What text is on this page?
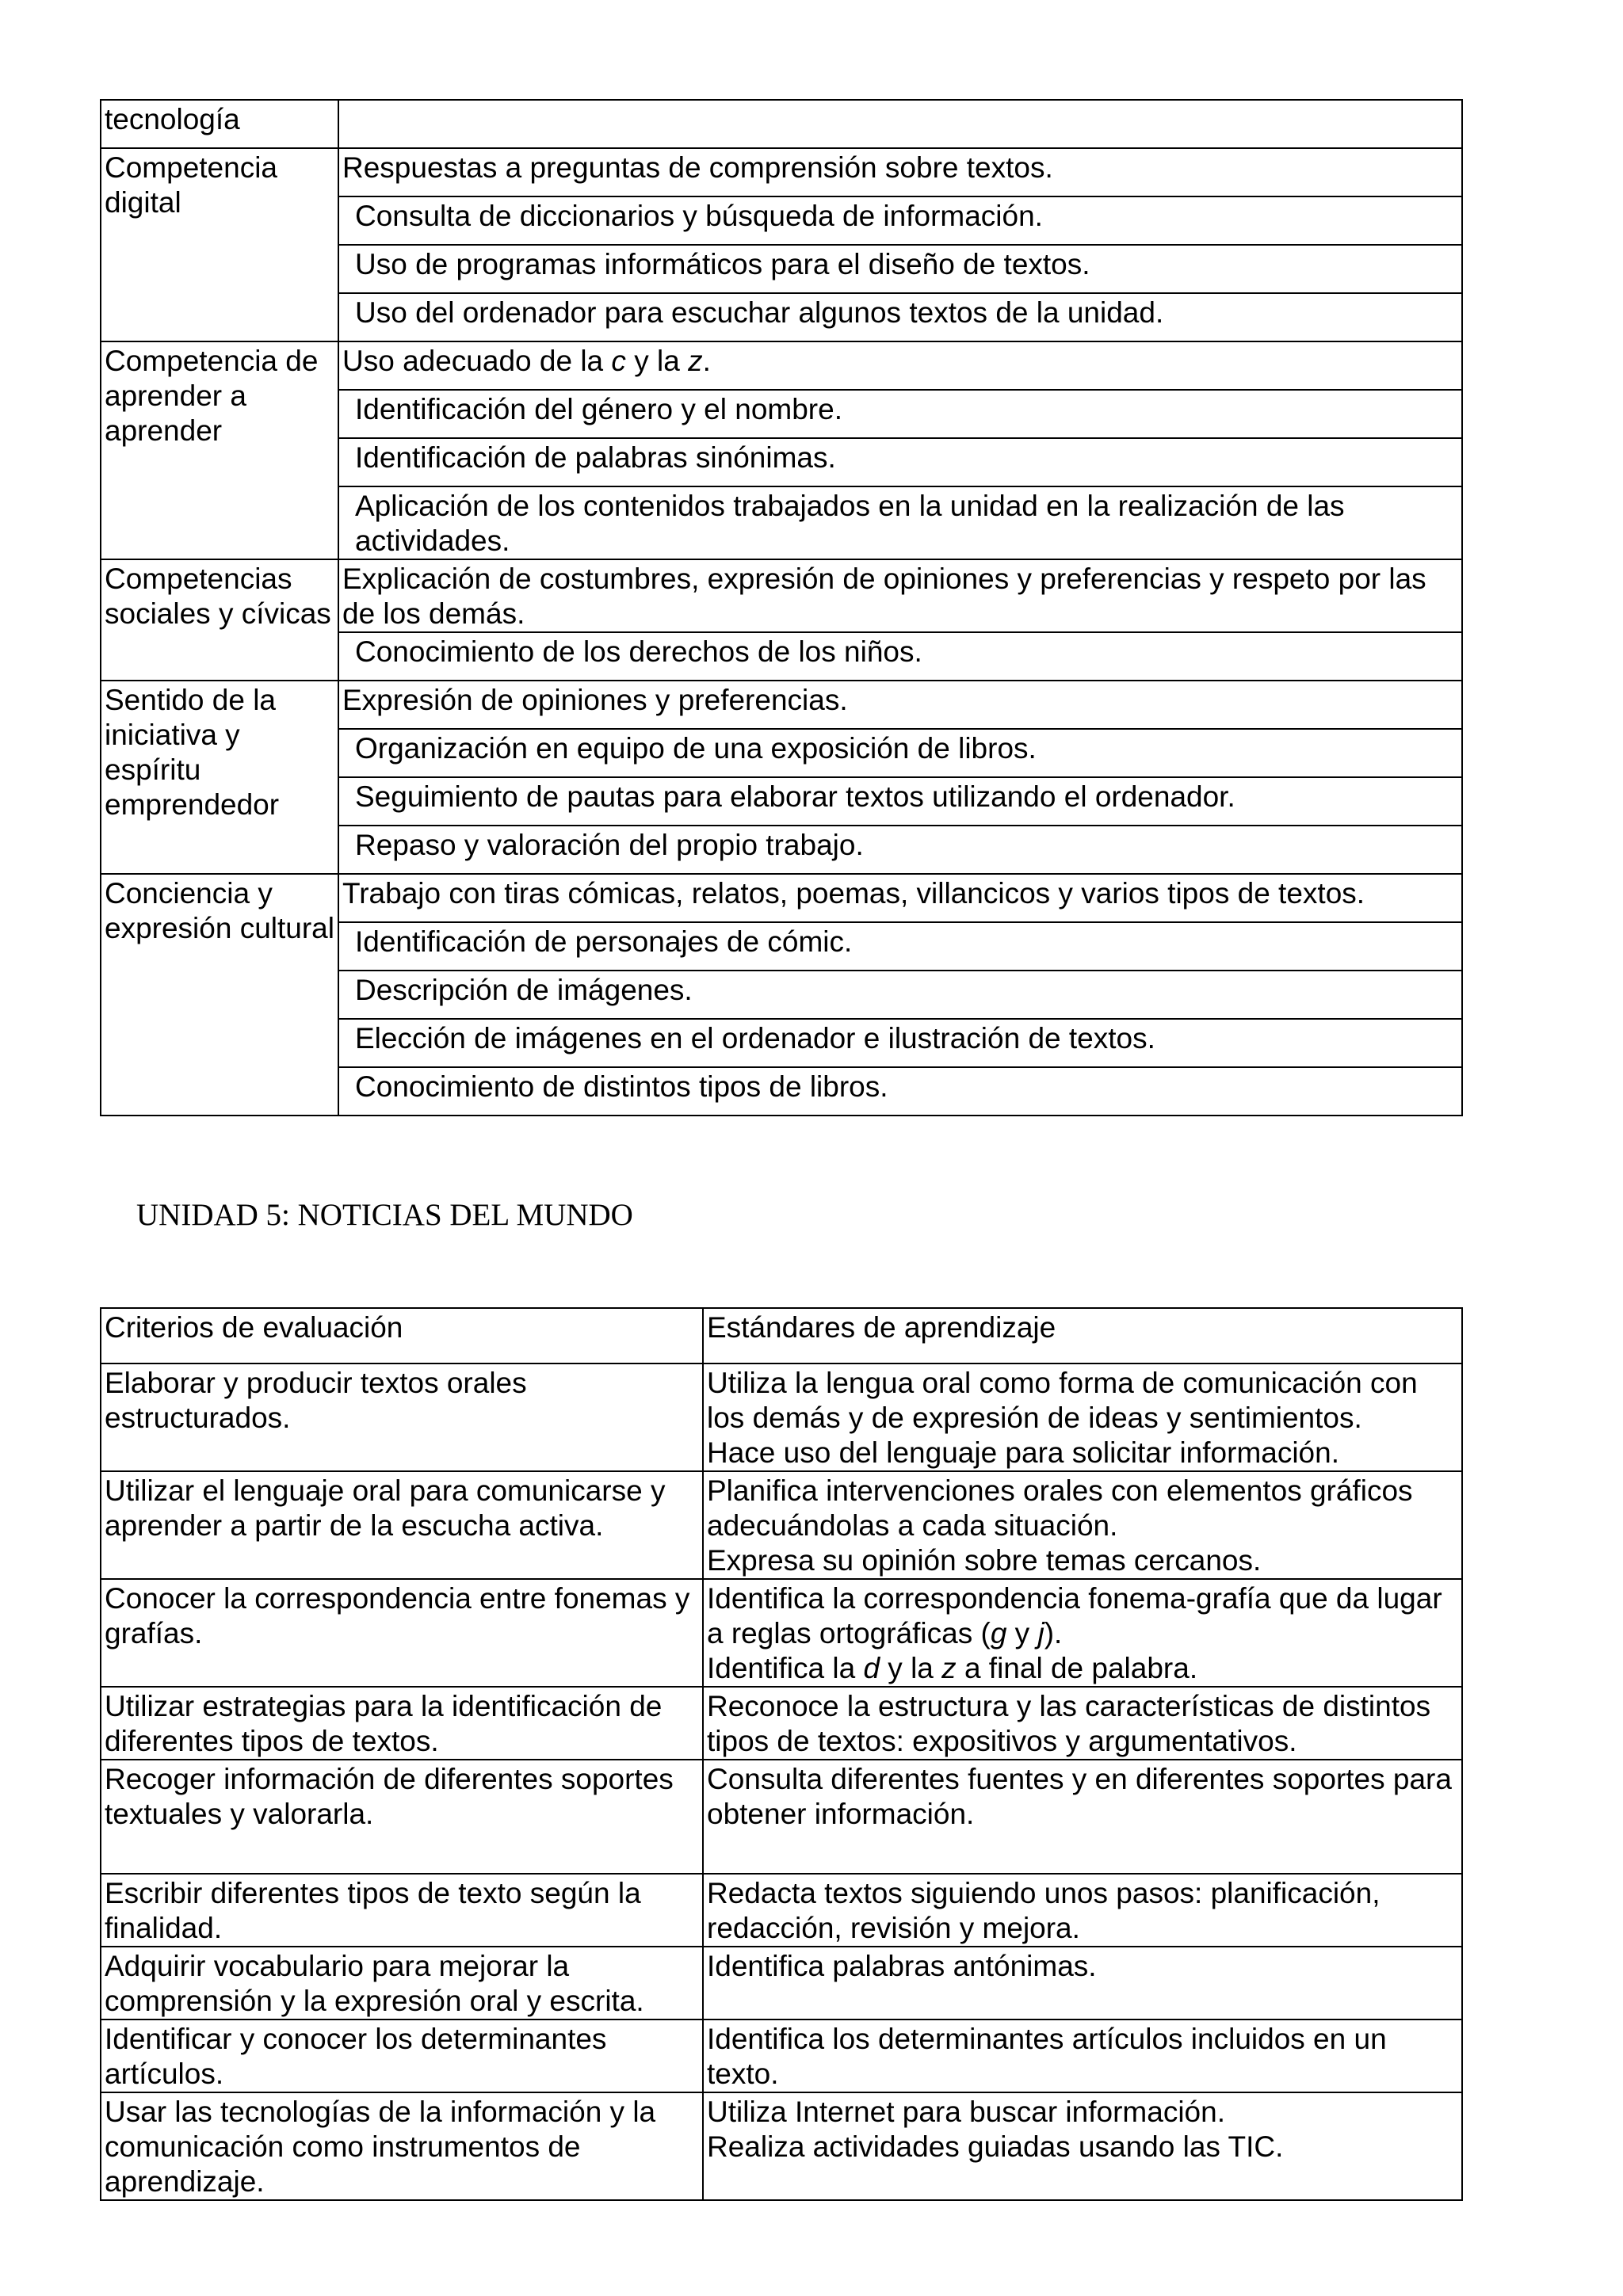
tecnología	
Competencia digital	Respuestas a preguntas de comprensión sobre textos.
	Consulta de diccionarios y búsqueda de información.
	Uso de programas informáticos para el diseño de textos.
	Uso del ordenador para escuchar algunos textos de la unidad.
Competencia de aprender a aprender	Uso adecuado de la c y la z.
	Identificación del género y el nombre.
	Identificación de palabras sinónimas.
	Aplicación de los contenidos trabajados en la unidad en la realización de las actividades.
Competencias sociales y cívicas	Explicación de costumbres, expresión de opiniones y preferencias y respeto por las de los demás.
	Conocimiento de los derechos de los niños.
Sentido de la iniciativa y espíritu emprendedor	Expresión de opiniones y preferencias.
	Organización en equipo de una exposición de libros.
	Seguimiento de pautas para elaborar textos utilizando el ordenador.
	Repaso y valoración del propio trabajo.
Conciencia y expresión cultural	Trabajo con tiras cómicas, relatos, poemas, villancicos y varios tipos de textos.
	Identificación de personajes de cómic.
	Descripción de imágenes.
	Elección de imágenes en el ordenador e ilustración de textos.
	Conocimiento de distintos tipos de libros.
UNIDAD 5: NOTICIAS DEL MUNDO
Criterios de evaluación	Estándares de aprendizaje
Elaborar y producir textos orales estructurados.	Utiliza la lengua oral como forma de comunicación con los demás y de expresión de ideas y sentimientos.
Hace uso del lenguaje para solicitar información.

Utilizar el lenguaje oral para comunicarse y aprender a partir de la escucha activa.	Planifica intervenciones orales con elementos gráficos adecuándolas a cada situación.
Expresa su opinión sobre temas cercanos.

Conocer la correspondencia entre fonemas y grafías.	Identifica la correspondencia fonema-grafía que da lugar a reglas ortográficas (g y j).
Identifica la d y la z a final de palabra.

Utilizar estrategias para la identificación de diferentes tipos de textos.	Reconoce la estructura y las características de distintos tipos de textos: expositivos y argumentativos.
Recoger información de diferentes soportes textuales y valorarla.	Consulta diferentes fuentes y en diferentes soportes para obtener información.
Escribir diferentes tipos de texto según la finalidad.	Redacta textos siguiendo unos pasos: planificación, redacción, revisión y mejora.
Adquirir vocabulario para mejorar la comprensión y la expresión oral y escrita.	Identifica palabras antónimas.
Identificar y conocer los determinantes artículos.	Identifica los determinantes artículos incluidos en un texto.
Usar las tecnologías de la información y la comunicación como instrumentos de aprendizaje.	Utiliza Internet para buscar información.
Realiza actividades guiadas usando las TIC.
